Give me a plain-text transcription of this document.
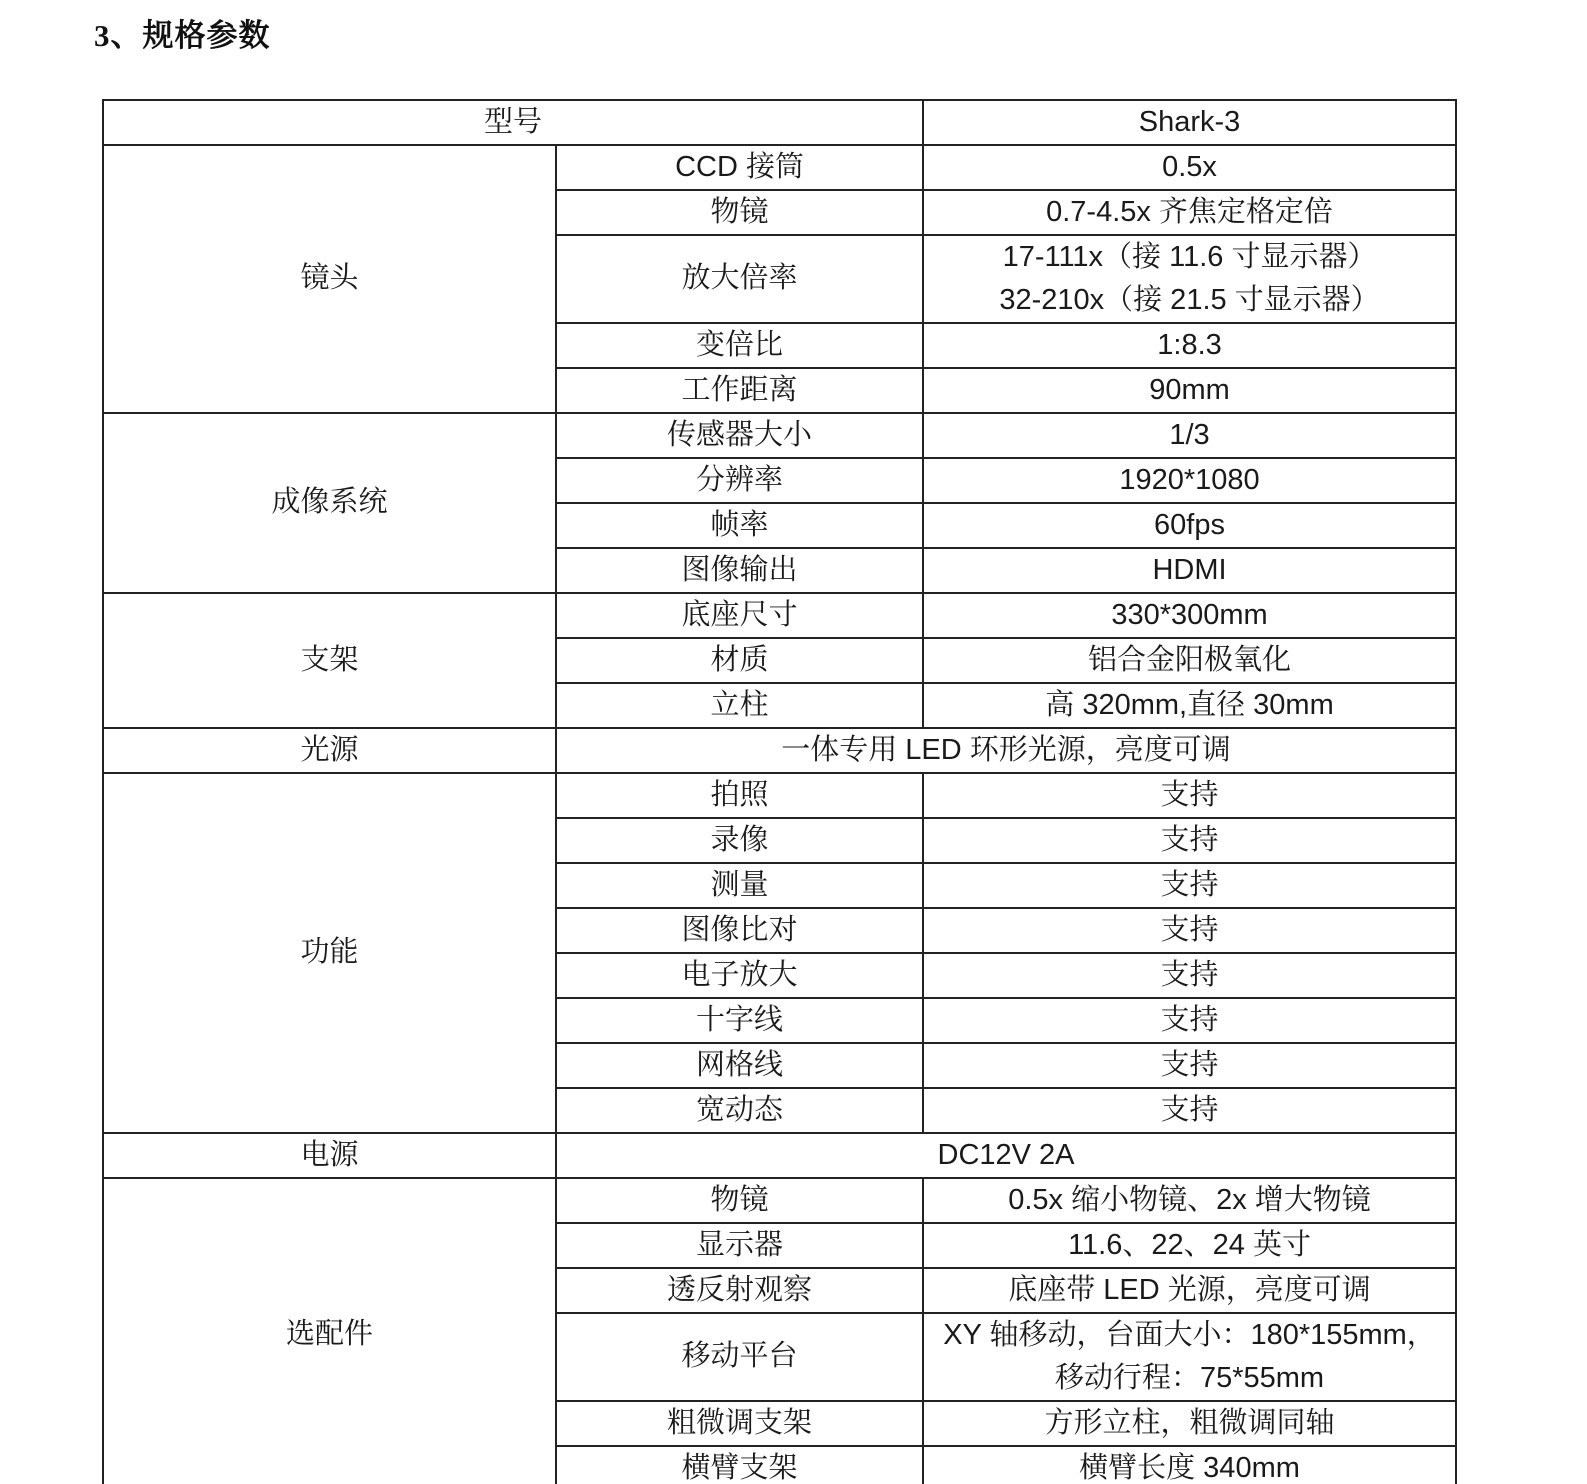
3、规格参数
型号		Shark-3
镜头	CCD 接筒	0.5x
	物镜	0.7-4.5x 齐焦定格定倍
	放大倍率	17-111x（接 11.6 寸显示器）
32-210x（接 21.5 寸显示器）

	变倍比	1:8.3
	工作距离	90mm
成像系统	传感器大小	1/3
	分辨率	1920*1080
	帧率	60fps
	图像输出	HDMI
支架	底座尺寸	330*300mm
	材质	铝合金阳极氧化
	立柱	高 320mm,直径 30mm
光源	一体专用 LED 环形光源，亮度可调	
功能	拍照	支持
	录像	支持
	测量	支持
	图像比对	支持
	电子放大	支持
	十字线	支持
	网格线	支持
	宽动态	支持
电源	DC12V 2A	
选配件	物镜	0.5x 缩小物镜、2x 增大物镜
	显示器	11.6、22、24 英寸
	透反射观察	底座带 LED 光源，亮度可调
	移动平台	XY 轴移动，台面大小：180*155mm，
移动行程：75*55mm

	粗微调支架	方形立柱，粗微调同轴
	横臂支架	横臂长度 340mm
